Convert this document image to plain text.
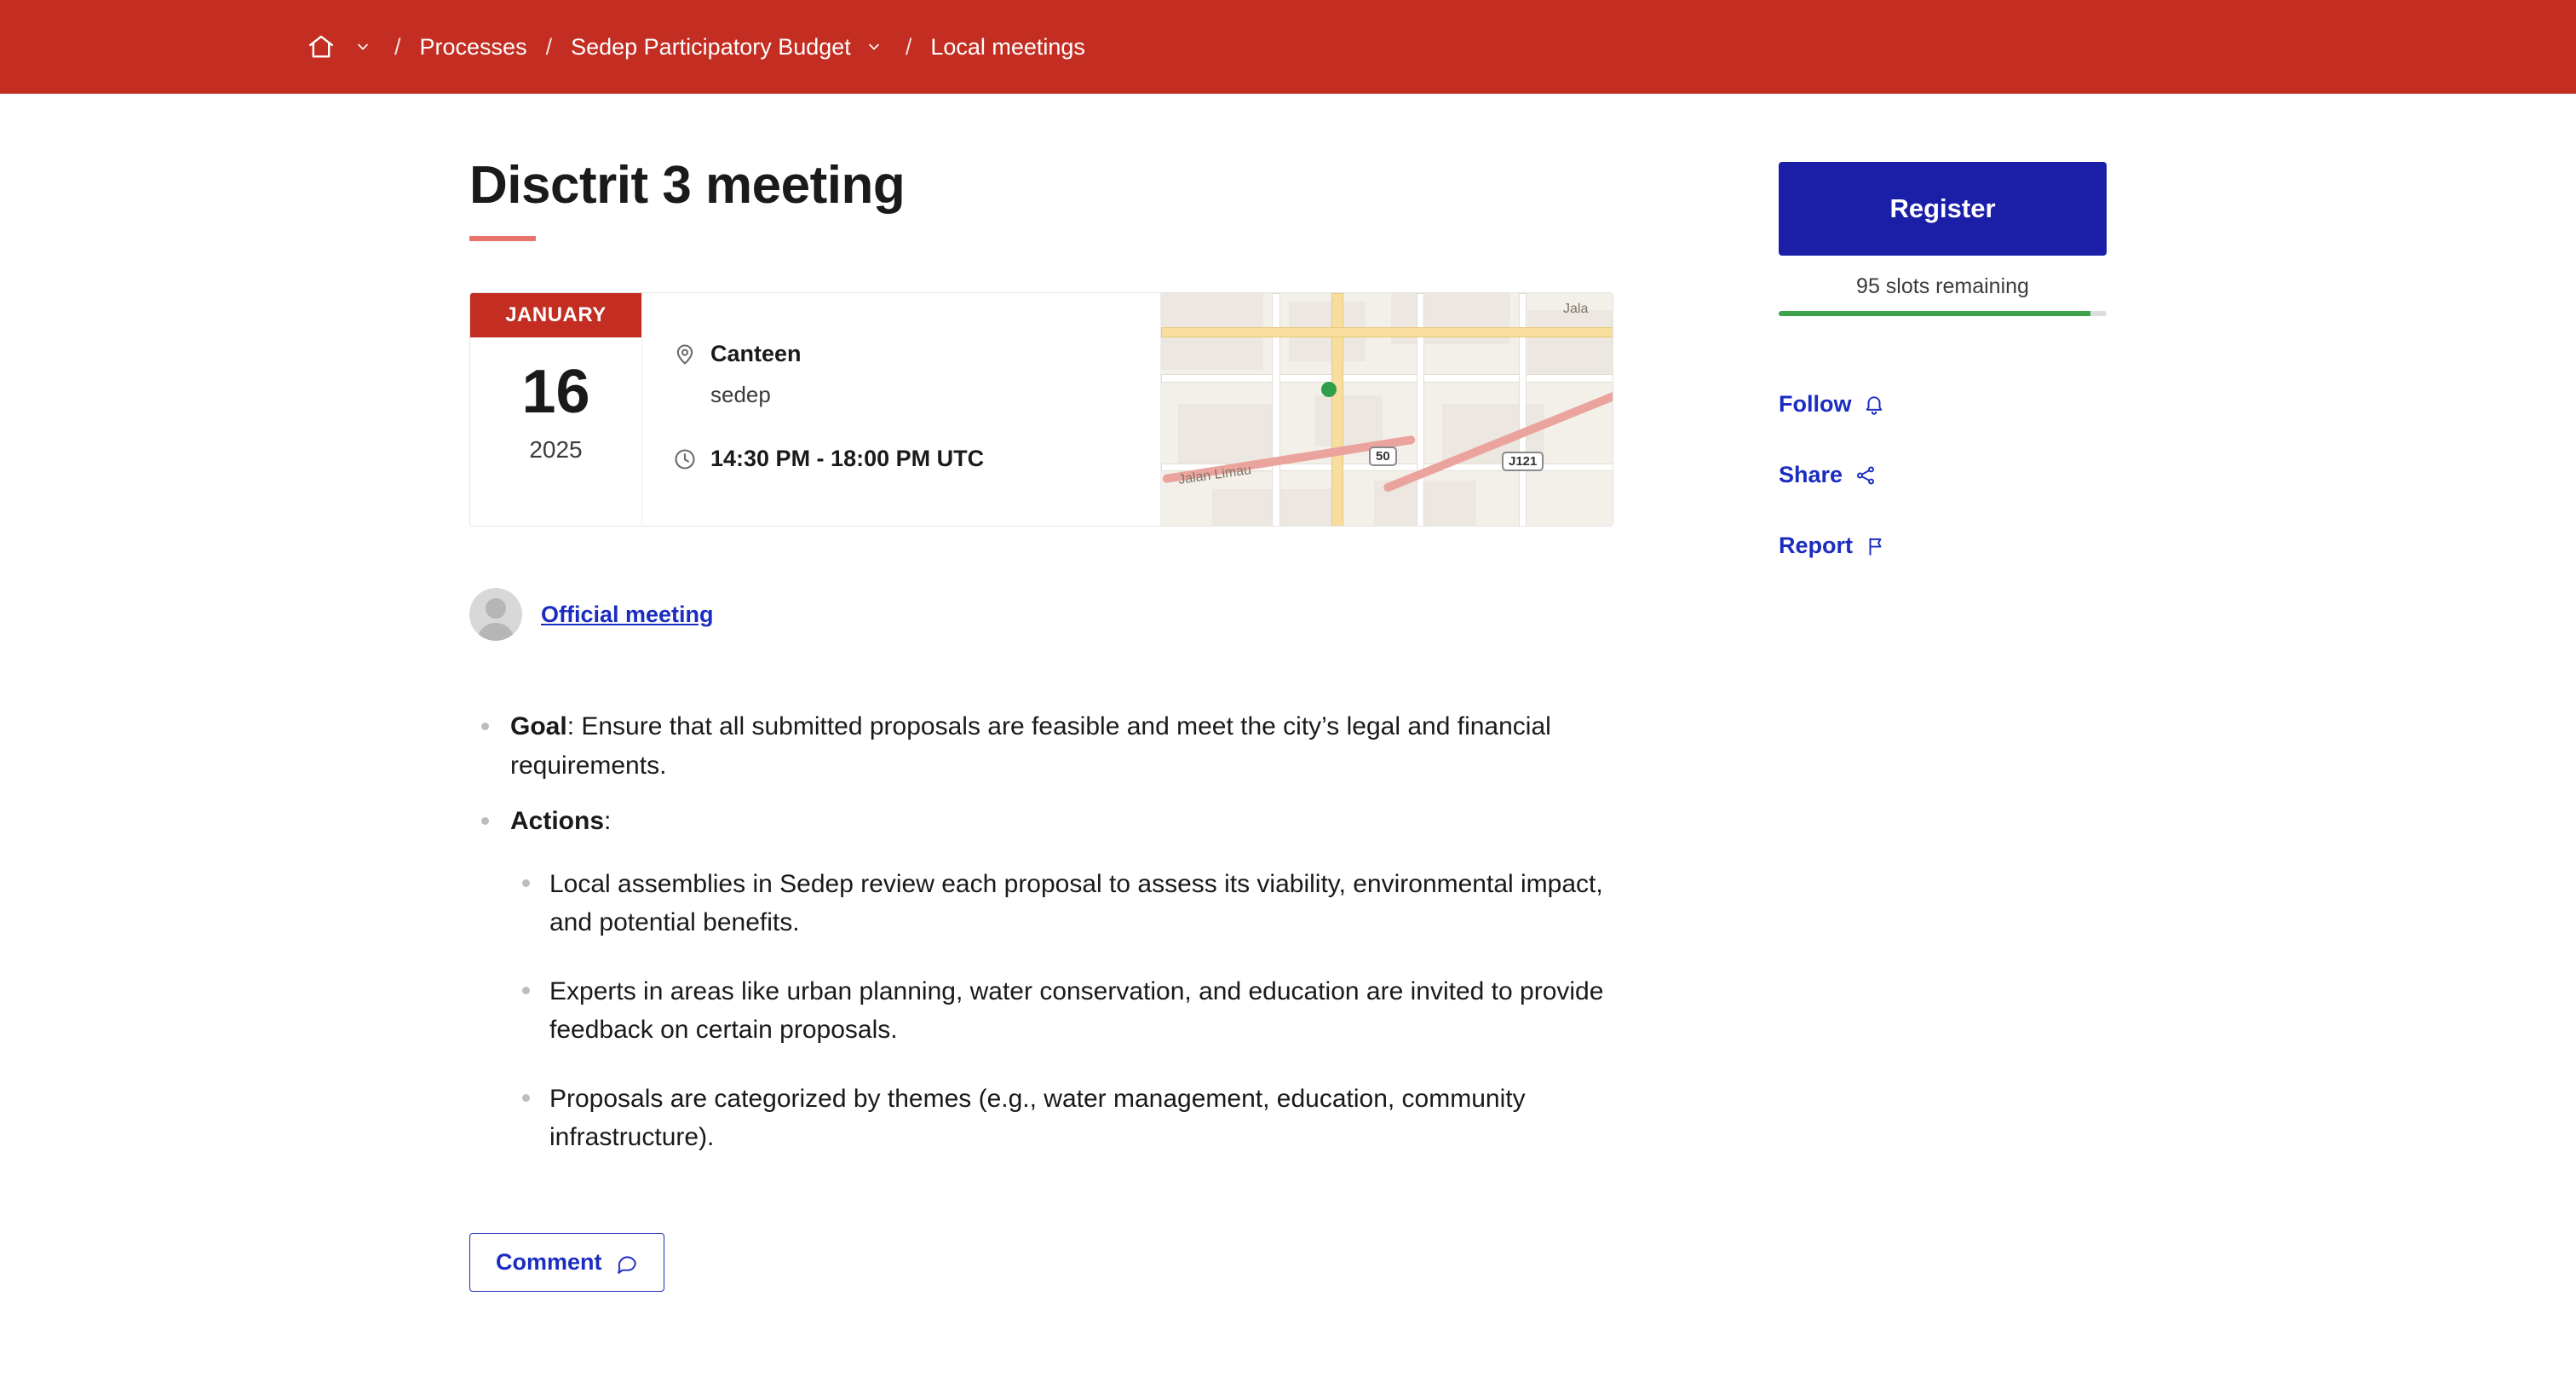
/ Processes / Sedep Participatory Budget / Local meetings
Disctrit 3 meeting
JANUARY
16
2025
Canteen
sedep
14:30 PM - 18:00 PM UTC	50	J121
Jalan Limau
Jala
Official meeting
Goal: Ensure that all submitted proposals are feasible and meet the city’s legal and financial requirements.
Actions:
Local assemblies in Sedep review each proposal to assess its viability, environmental impact, and potential benefits.
Experts in areas like urban planning, water conservation, and education are invited to provide feedback on certain proposals.
Proposals are categorized by themes (e.g., water management, education, community infrastructure).
Comment
Register
95 slots remaining
Follow
Share
Report
